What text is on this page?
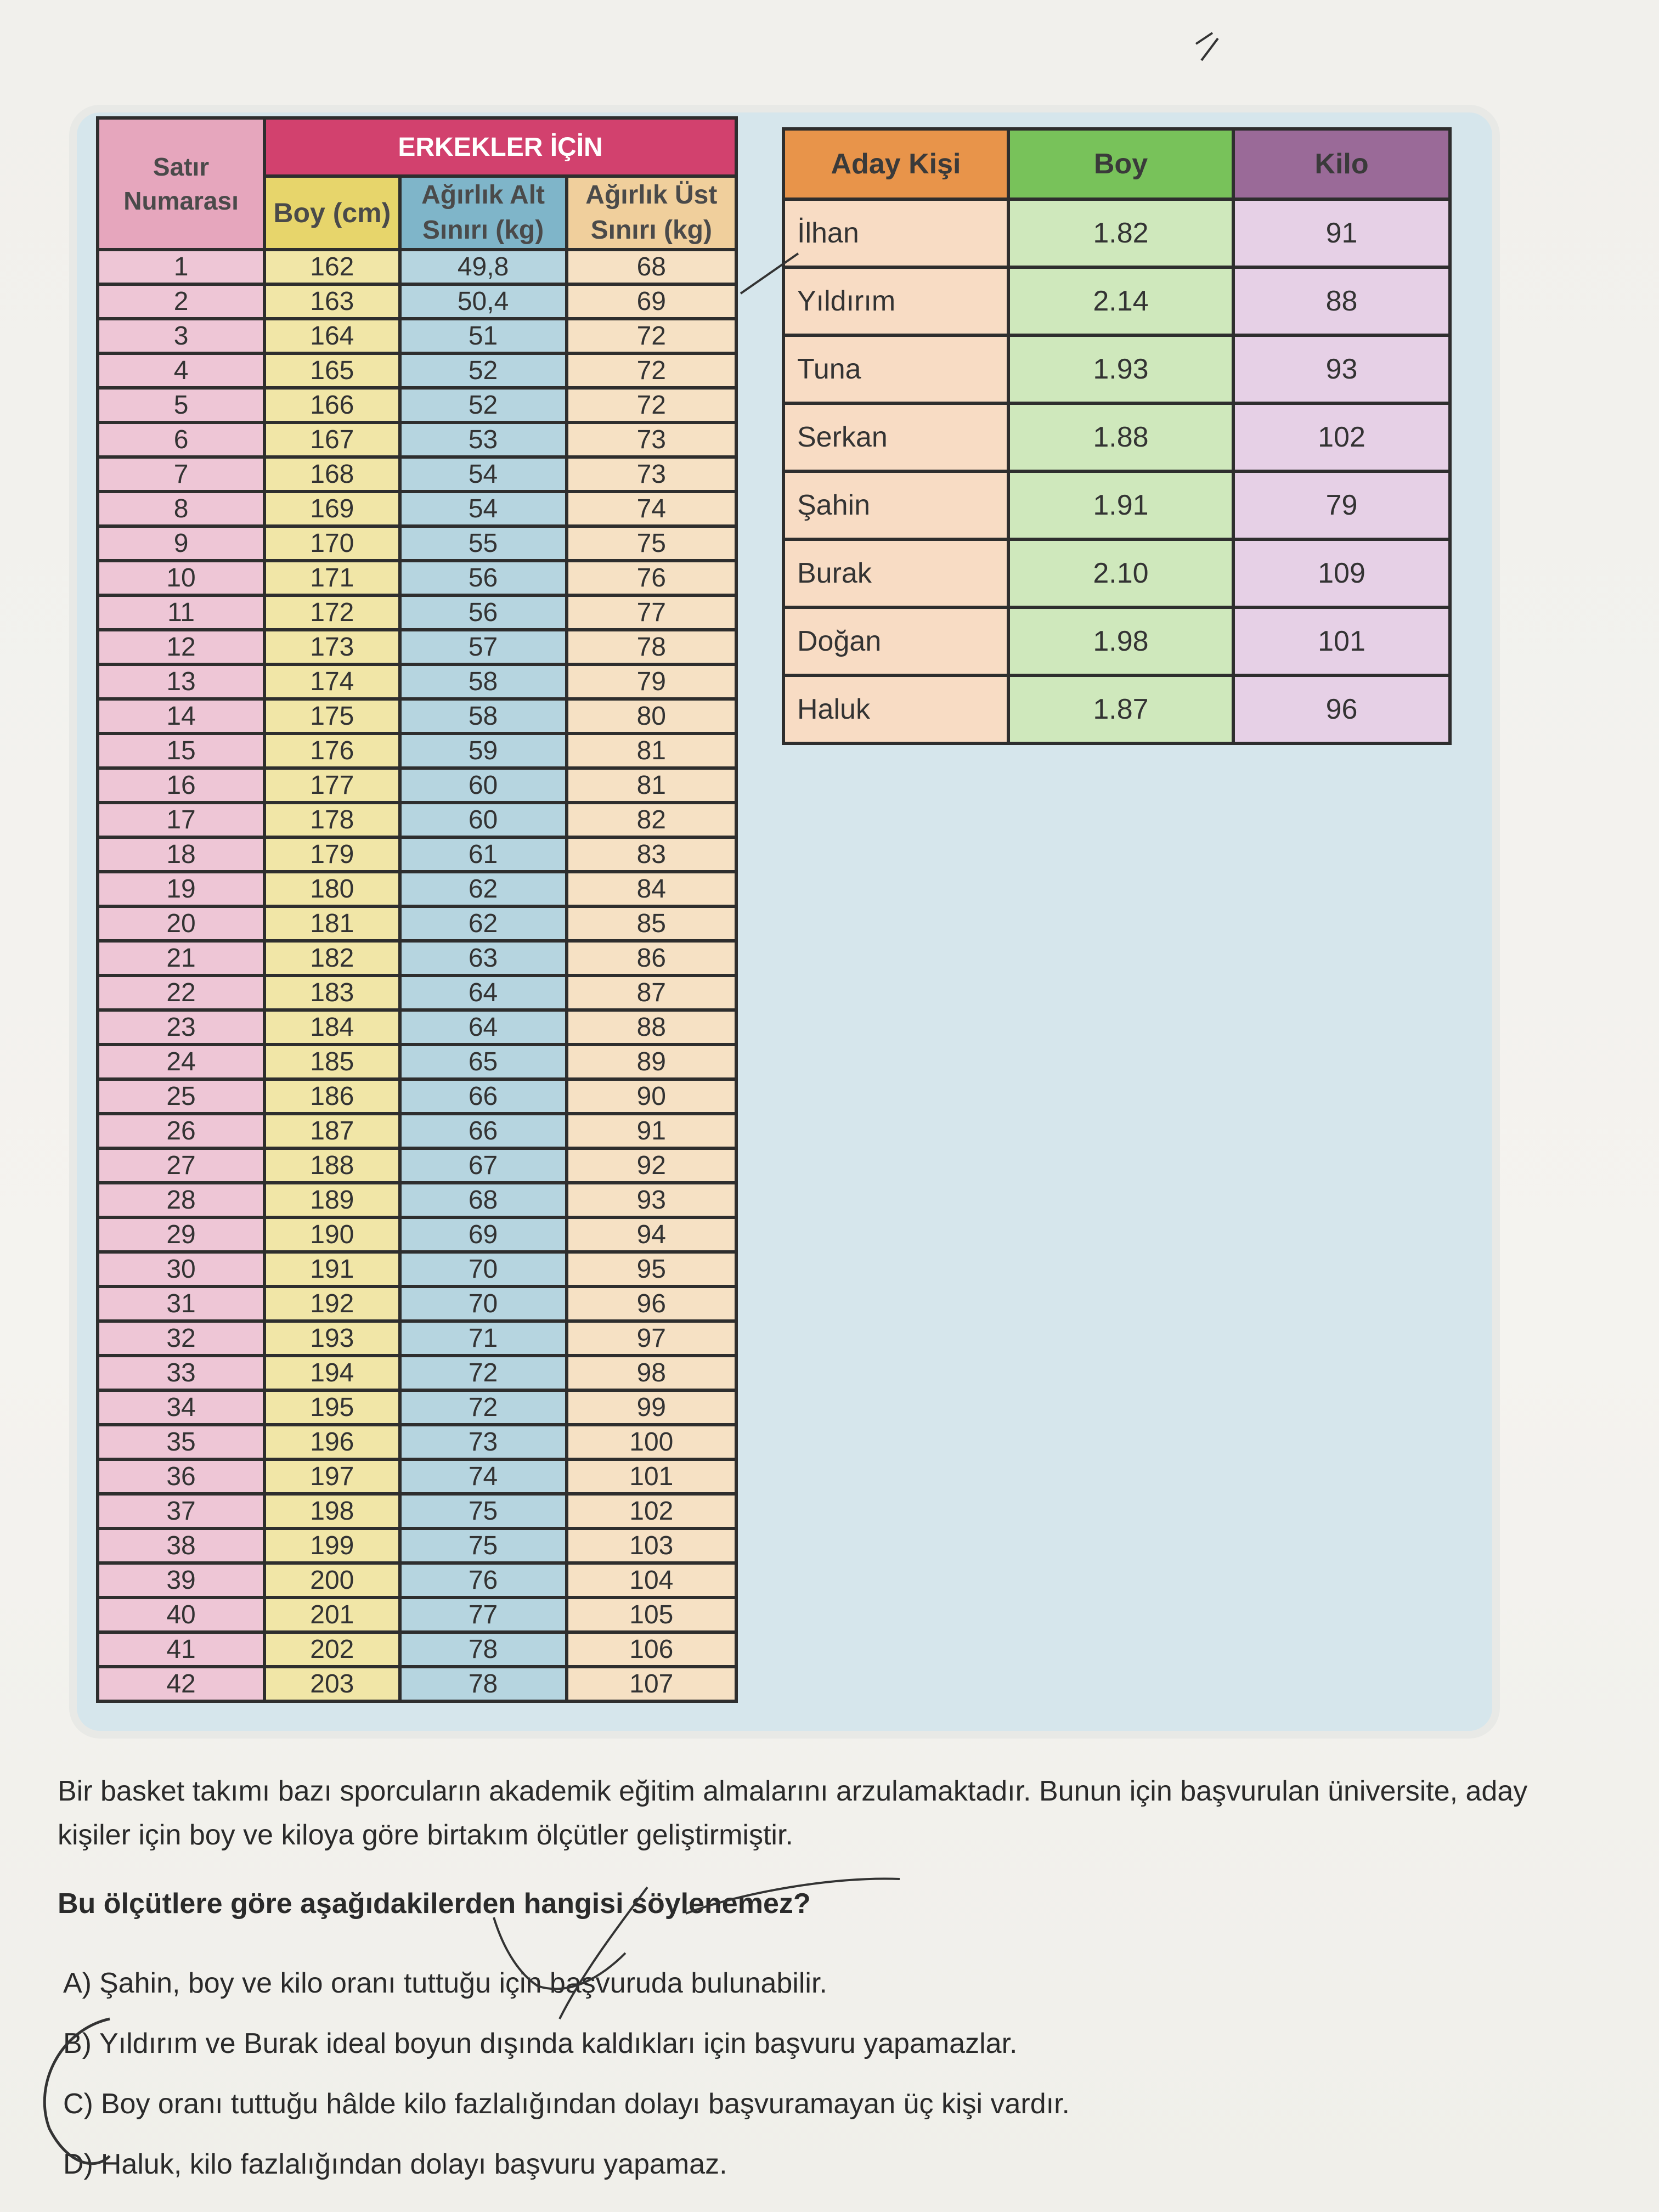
Satır Numarası	ERKEKLER İÇİN		
	Boy (cm)	Ağırlık Alt Sınırı (kg)	Ağırlık Üst Sınırı (kg)
1	162	49,8	68
2	163	50,4	69
3	164	51	72
4	165	52	72
5	166	52	72
6	167	53	73
7	168	54	73
8	169	54	74
9	170	55	75
10	171	56	76
11	172	56	77
12	173	57	78
13	174	58	79
14	175	58	80
15	176	59	81
16	177	60	81
17	178	60	82
18	179	61	83
19	180	62	84
20	181	62	85
21	182	63	86
22	183	64	87
23	184	64	88
24	185	65	89
25	186	66	90
26	187	66	91
27	188	67	92
28	189	68	93
29	190	69	94
30	191	70	95
31	192	70	96
32	193	71	97
33	194	72	98
34	195	72	99
35	196	73	100
36	197	74	101
37	198	75	102
38	199	75	103
39	200	76	104
40	201	77	105
41	202	78	106
42	203	78	107
Aday Kişi	Boy	Kilo
İlhan	1.82	91
Yıldırım	2.14	88
Tuna	1.93	93
Serkan	1.88	102
Şahin	1.91	79
Burak	2.10	109
Doğan	1.98	101
Haluk	1.87	96
Bir basket takımı bazı sporcuların akademik eğitim almalarını arzulamaktadır. Bunun için başvurulan üniversite, aday kişiler için boy ve kiloya göre birtakım ölçütler geliştirmiştir.
Bu ölçütlere göre aşağıdakilerden hangisi söylenemez?
A) Şahin, boy ve kilo oranı tuttuğu için başvuruda bulunabilir.
B) Yıldırım ve Burak ideal boyun dışında kaldıkları için başvuru yapamazlar.
C) Boy oranı tuttuğu hâlde kilo fazlalığından dolayı başvuramayan üç kişi vardır.
D) Haluk, kilo fazlalığından dolayı başvuru yapamaz.
